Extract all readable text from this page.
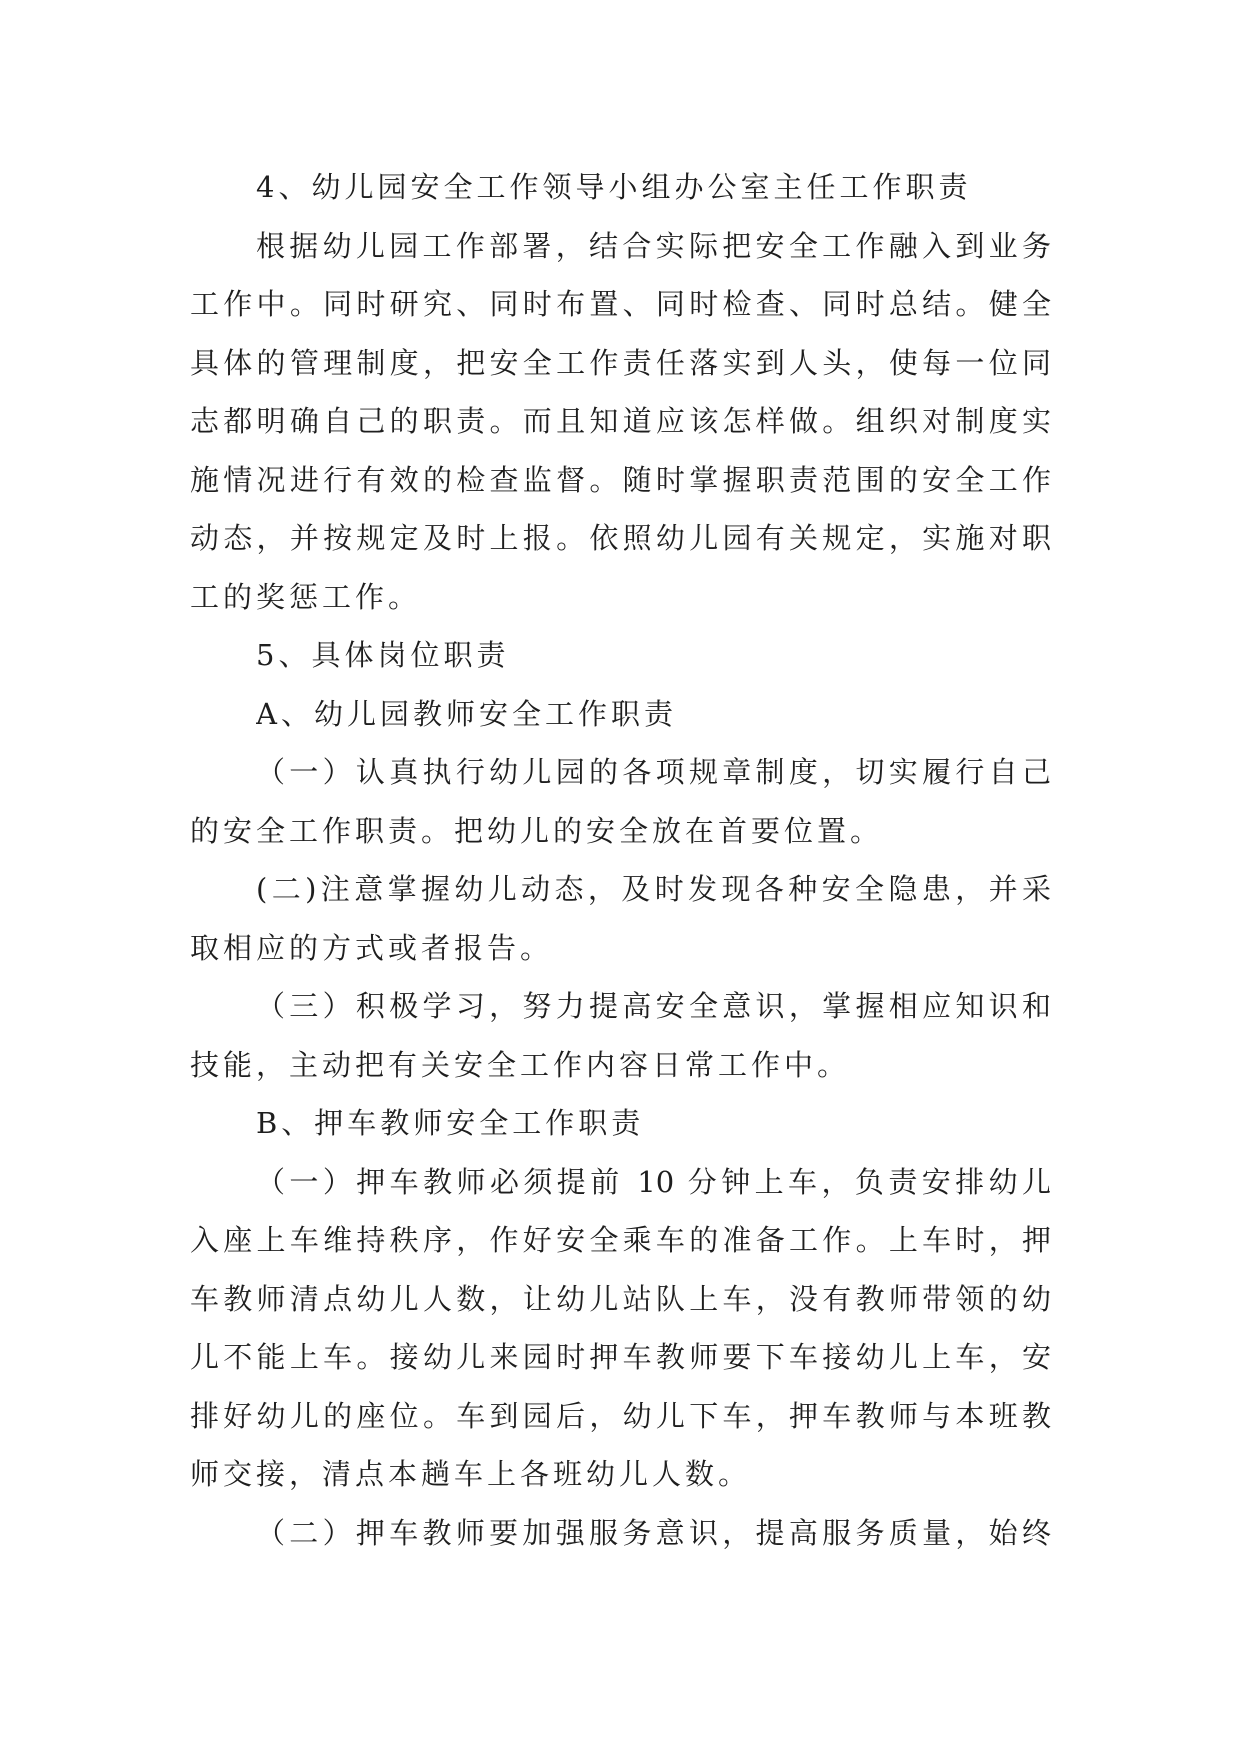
4、幼儿园安全工作领导小组办公室主任工作职责
根据幼儿园工作部署，结合实际把安全工作融入到业务
工作中。同时研究、同时布置、同时检查、同时总结。健全
具体的管理制度，把安全工作责任落实到人头，使每一位同
志都明确自己的职责。而且知道应该怎样做。组织对制度实
施情况进行有效的检查监督。随时掌握职责范围的安全工作
动态，并按规定及时上报。依照幼儿园有关规定，实施对职
工的奖惩工作。
5、具体岗位职责
A、幼儿园教师安全工作职责
（一）认真执行幼儿园的各项规章制度，切实履行自己
的安全工作职责。把幼儿的安全放在首要位置。
(二)注意掌握幼儿动态，及时发现各种安全隐患，并采
取相应的方式或者报告。
（三）积极学习，努力提高安全意识，掌握相应知识和
技能，主动把有关安全工作内容日常工作中。
B、押车教师安全工作职责
（一）押车教师必须提前 10 分钟上车，负责安排幼儿
入座上车维持秩序，作好安全乘车的准备工作。上车时，押
车教师清点幼儿人数，让幼儿站队上车，没有教师带领的幼
儿不能上车。接幼儿来园时押车教师要下车接幼儿上车，安
排好幼儿的座位。车到园后，幼儿下车，押车教师与本班教
师交接，清点本趟车上各班幼儿人数。
（二）押车教师要加强服务意识，提高服务质量，始终
